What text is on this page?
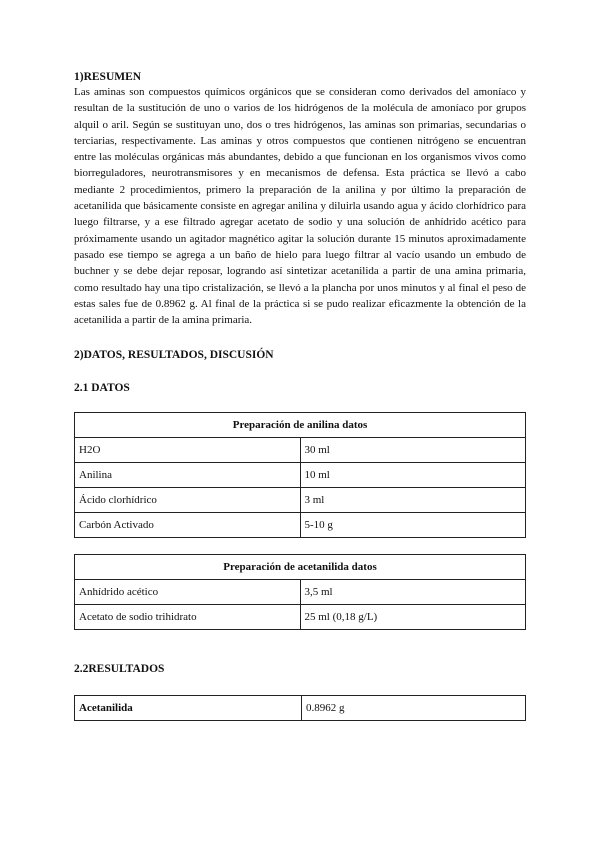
1)RESUMEN

Las aminas son compuestos químicos orgánicos que se consideran como derivados del amoníaco y resultan de la sustitución de uno o varios de los hidrógenos de la molécula de amoníaco por grupos alquil o aril. Según se sustituyan uno, dos o tres hidrógenos, las aminas son primarias, secundarias o terciarias, respectivamente. Las aminas y otros compuestos que contienen nitrógeno se encuentran entre las moléculas orgánicas más abundantes, debido a que funcionan en los organismos vivos como biorreguladores, neurotransmisores y en mecanismos de defensa. Esta práctica se llevó a cabo mediante 2 procedimientos, primero la preparación de la anilina y por último la preparación de acetanilida que básicamente consiste en agregar anilina y diluirla usando agua y ácido clorhídrico para luego filtrarse, y a ese filtrado agregar acetato de sodio y una solución de anhídrido acético para próximamente usando un agitador magnético agitar la solución durante 15 minutos aproximadamente pasado ese tiempo se agrega a un baño de hielo para luego filtrar al vacío usando un embudo de buchner y se debe dejar reposar, logrando así sintetizar acetanilida a partir de una amina primaria, como resultado hay una tipo cristalización, se llevó a la plancha por unos minutos y al final el peso de estas sales fue de 0.8962 g. Al final de la práctica si se pudo realizar eficazmente la obtención de la acetanilida a partir de la amina primaria.

2)DATOS, RESULTADOS, DISCUSIÓN

2.1 DATOS

Preparación de anilina datos	
H2O	30 ml
Anilina	10 ml
Ácido clorhídrico	3 ml
Carbón Activado	5-10 g
Preparación de acetanilida datos	
Anhídrido acético	3,5 ml
Acetato de sodio trihidrato	25 ml (0,18 g/L)

2.2RESULTADOS

Acetanilida	0.8962 g
